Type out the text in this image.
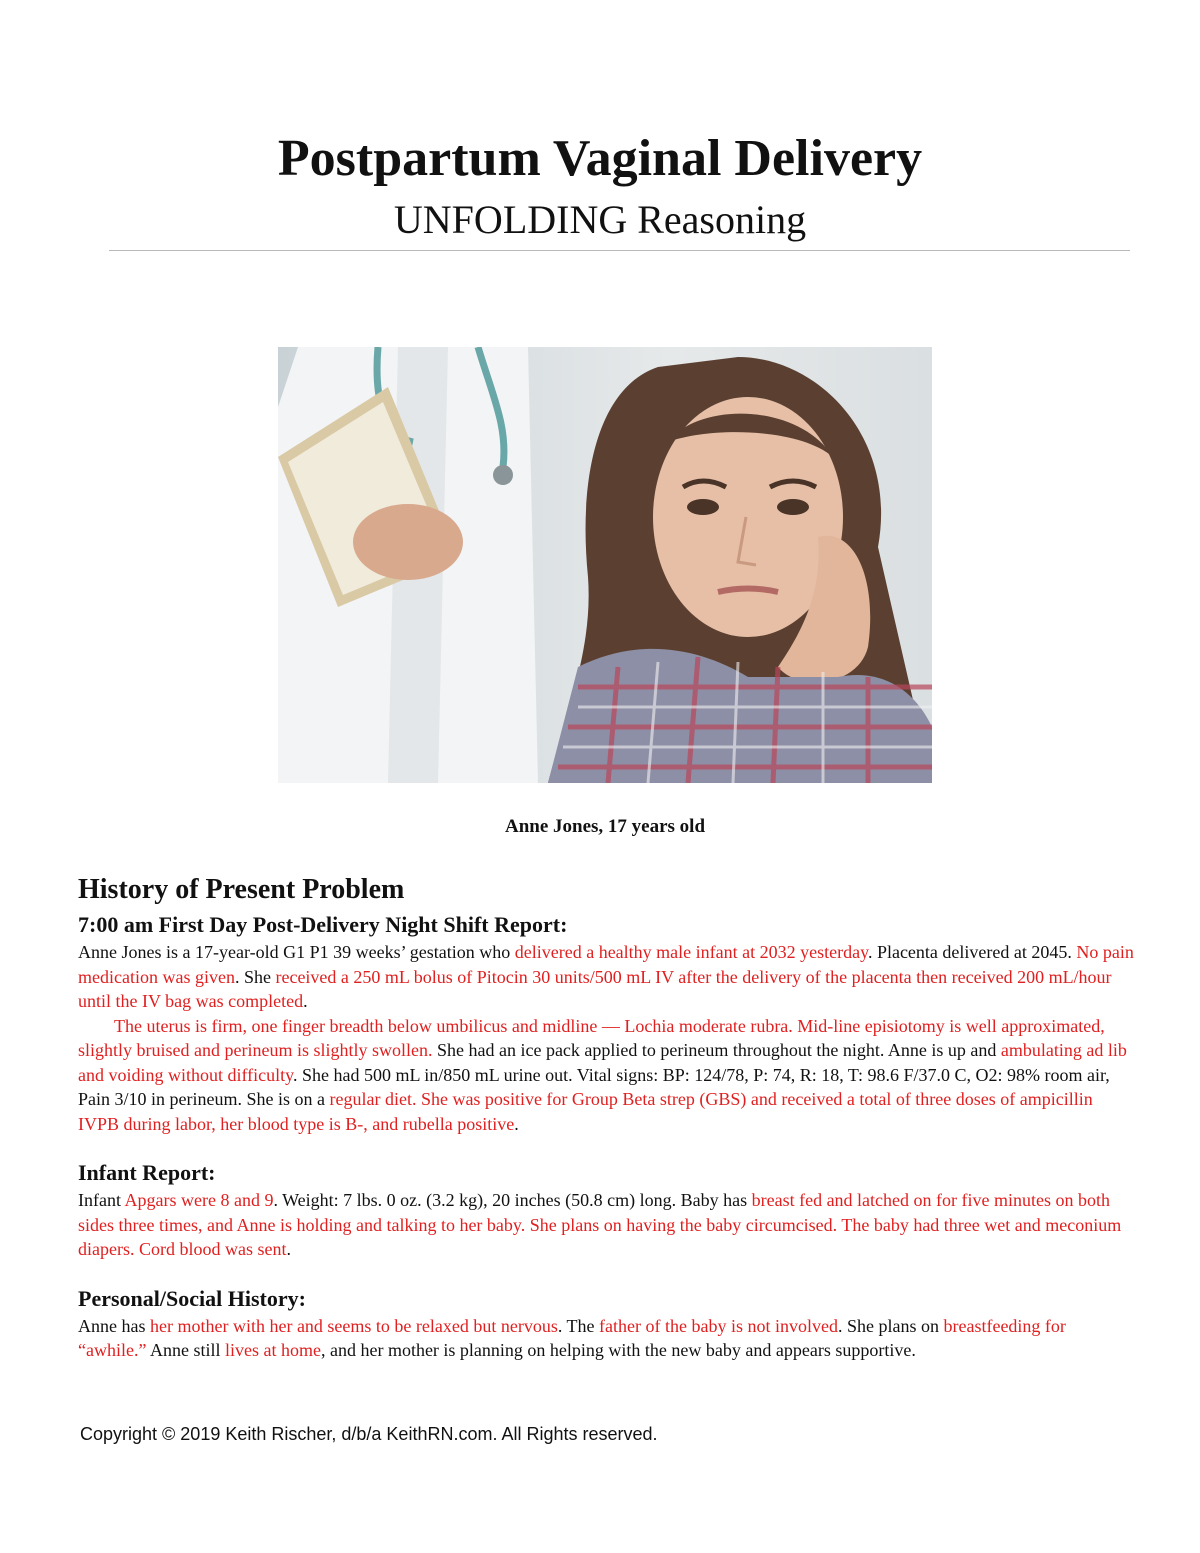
Postpartum Vaginal Delivery
UNFOLDING Reasoning
Anne Jones, 17 years old
History of Present Problem
7:00 am First Day Post-Delivery Night Shift Report:

Anne Jones is a 17-year-old G1 P1 39 weeks’ gestation who delivered a healthy male infant at 2032 yesterday. Placenta delivered at 2045. No pain medication was given. She received a 250 mL bolus of Pitocin 30 units/500 mL IV after the delivery of the placenta then received 200 mL/hour until the IV bag was completed.

The uterus is firm, one finger breadth below umbilicus and midline — Lochia moderate rubra. Mid-line episiotomy is well approximated, slightly bruised and perineum is slightly swollen. She had an ice pack applied to perineum throughout the night. Anne is up and ambulating ad lib and voiding without difficulty. She had 500 mL in/850 mL urine out. Vital signs: BP: 124/78, P: 74, R: 18, T: 98.6 F/37.0 C, O2: 98% room air, Pain 3/10 in perineum. She is on a regular diet. She was positive for Group Beta strep (GBS) and received a total of three doses of ampicillin IVPB during labor, her blood type is B-, and rubella positive.

Infant Report:

Infant Apgars were 8 and 9. Weight: 7 lbs. 0 oz. (3.2 kg), 20 inches (50.8 cm) long. Baby has breast fed and latched on for five minutes on both sides three times, and Anne is holding and talking to her baby. She plans on having the baby circumcised. The baby had three wet and meconium diapers. Cord blood was sent.

Personal/Social History:

Anne has her mother with her and seems to be relaxed but nervous. The father of the baby is not involved. She plans on breastfeeding for “awhile.” Anne still lives at home, and her mother is planning on helping with the new baby and appears supportive.

Copyright © 2019 Keith Rischer, d/b/a KeithRN.com. All Rights reserved.
